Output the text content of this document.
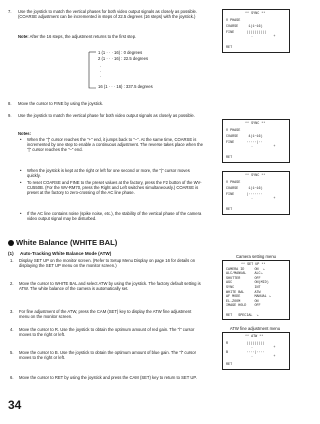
7. Use the joystick to match the vertical phases for both video output signals as closely as possible. (COARSE adjustment can be incremented in steps of 22.5 degrees (16 steps) with the joystick.)
Note: After the 16 steps, the adjustment returns to the first step.
1 (1 · · · 16) : 0 degrees
2 (1 · · · 16) : 22.5 degrees
·
·
·
16 (1 · · · 16) : 337.5 degrees
** SYNC **
V PHASE
COARSE     1(1~16)
FINE      ||||||||||
-          +
RET
8. Move the cursor to FINE by using the joystick.
9. Use the joystick to match the vertical phase for both video output signals as closely as possible.
Notes:
•	When the "|" cursor reaches the "+" end, it jumps back to "–". At the same time, COARSE is incremented by one step to enable a continuous adjustment. The reverse takes place when the "|" cursor reaches the "–" end.
•	When the joystick is kept at the right or left for one second or more, the "|" cursor moves quickly.
•	To reset COARSE and FINE to the preset values at the factory, press the F2 button of the WV-CU550B. (For the WV-RM70, press the Right and Left switches simultaneously.) COARSE is preset at the factory to zero-crossing of the AC line phase.
•	If the AC line contains noise (spike noise, etc.), the stability of the vertical phase of the camera video output signal may be disturbed.
** SYNC **
V PHASE
COARSE     4(1~16)
FINE      ·····|··
-          +
RET
** SYNC **
V PHASE
COARSE     1(1~16)
FINE      |·······
-          +
RET
White Balance (WHITE BAL)
(1) Auto-Tracking White Balance Mode (ATW)
1. Display SET UP on the monitor screen. (Refer to Setup Menu Display on page 16 for details on displaying the SET UP menu on the monitor screen.)
2. Move the cursor to WHITE BAL and select ATW by using the joystick. The factory default setting is ATW. The white balance of the camera is automatically set.
3. For fine adjustment of the ATW, press the CAM (SET) key to display the ATW fine adjustment menu on the monitor screen.
4. Move the cursor to R. Use the joystick to obtain the optimum amount of red gain. The "l" cursor moves to the right or left.
5. Move the cursor to B. Use the joystick to obtain the optimum amount of blue gain. The "l" cursor moves to the right or left.
6. Move the cursor to RET by using the joystick and press the CAM (SET) key to return to SET UP.
Camera setting menu
** SET UP **
CAMERA ID     ON  ↘
ALC/MANUAL    ALC↘
SHUTTER       OFF
AGC           ON(MID)
SYNC          INT
WHITE BAL     ATW
AF MODE       MANUAL ↘
EL-ZOOM       ON
IMAGE HOLD    OFF
RET   SPECIAL  ↘
ATW fine adjustment menu
** ATW **
R         |||||||||
-          +
B         ····|····
-          +
RET
34
